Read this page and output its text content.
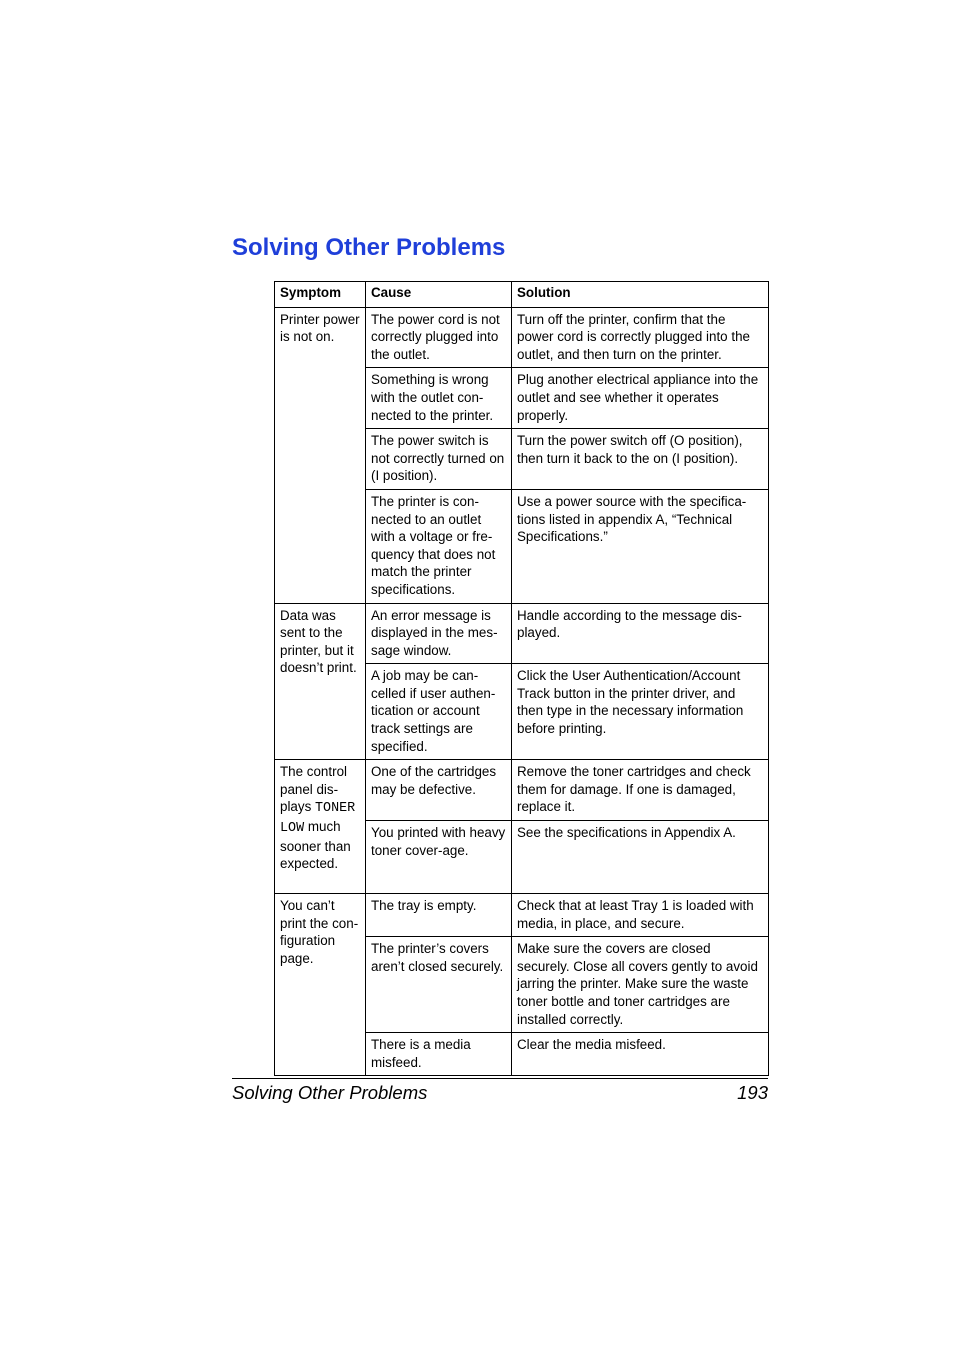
Solving Other Problems
Symptom	Cause	Solution
Printer power is not on.	The power cord is not correctly plugged into the outlet.	Turn off the printer, confirm that the power cord is correctly plugged into the outlet, and then turn on the printer.
	Something is wrong with the outlet con-nected to the printer.	Plug another electrical appliance into the outlet and see whether it operates properly.
	The power switch is not correctly turned on (I position).	Turn the power switch off (O position), then turn it back to the on (I position).
	The printer is con-nected to an outlet with a voltage or fre-quency that does not match the printer specifications.	Use a power source with the specifica-tions listed in appendix A, “Technical Specifications.”
Data was sent to the printer, but it doesn’t print.	An error message is displayed in the mes-sage window.	Handle according to the message dis-played.
	A job may be can-celled if user authen-tication or account track settings are specified.	Click the User Authentication/Account Track button in the printer driver, and then type in the necessary information before printing.
The control panel dis-plays TONER LOW much sooner than expected.	One of the cartridges may be defective.	Remove the toner cartridges and check them for damage. If one is damaged, replace it.
	You printed with heavy toner cover-age.	See the specifications in Appendix A.
You can’t print the con-figuration page.	The tray is empty.	Check that at least Tray 1 is loaded with media, in place, and secure.
	The printer’s covers aren’t closed securely.	Make sure the covers are closed securely. Close all covers gently to avoid jarring the printer. Make sure the waste toner bottle and toner cartridges are installed correctly.
	There is a media misfeed.	Clear the media misfeed.
Solving Other Problems	193
